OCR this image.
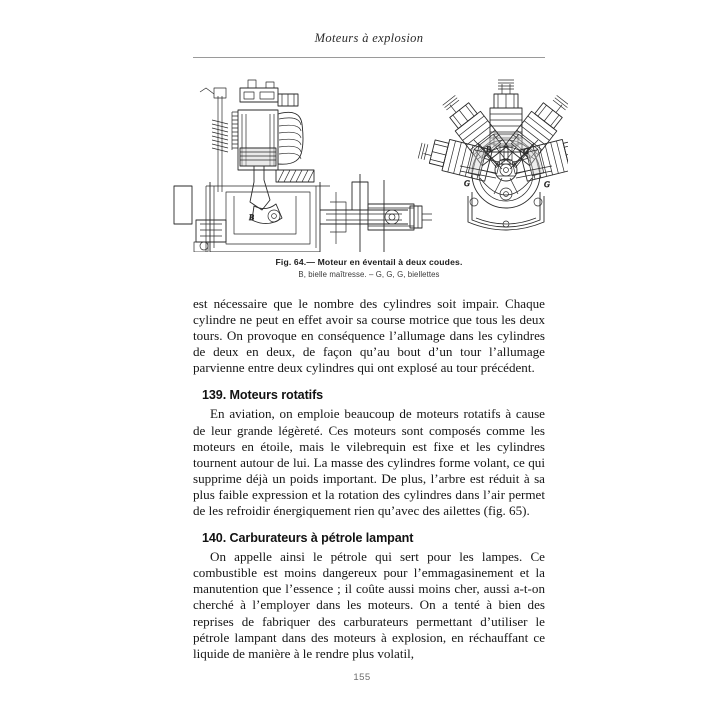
Moteurs à explosion
B
B	G
G	G
Fig. 64.— Moteur en éventail à deux coudes.
B, bielle maîtresse. – G, G, G, biellettes

est nécessaire que le nombre des cylindres soit impair. Chaque cylindre ne peut en effet avoir sa course motrice que tous les deux tours. On provoque en conséquence l’allumage dans les cylindres de deux en deux, de façon qu’au bout d’un tour l’allumage parvienne entre deux cylindres qui ont explosé au tour précédent.

139. Moteurs rotatifs

En aviation, on emploie beaucoup de moteurs rotatifs à cause de leur grande légèreté. Ces moteurs sont composés comme les moteurs en étoile, mais le vilebrequin est fixe et les cylindres tournent autour de lui. La masse des cylindres forme volant, ce qui supprime déjà un poids important. De plus, l’arbre est réduit à sa plus faible expression et la rotation des cylindres dans l’air permet de les refroidir énergiquement rien qu’avec des ailettes (fig. 65).

140. Carburateurs à pétrole lampant

On appelle ainsi le pétrole qui sert pour les lampes. Ce combustible est moins dangereux pour l’emmagasinement et la manutention que l’essence ; il coûte aussi moins cher, aussi a-t-on cherché à l’employer dans les moteurs. On a tenté à bien des reprises de fabriquer des carburateurs permettant d’utiliser le pétrole lampant dans des moteurs à explosion, en réchauffant ce liquide de manière à le rendre plus volatil,

155
